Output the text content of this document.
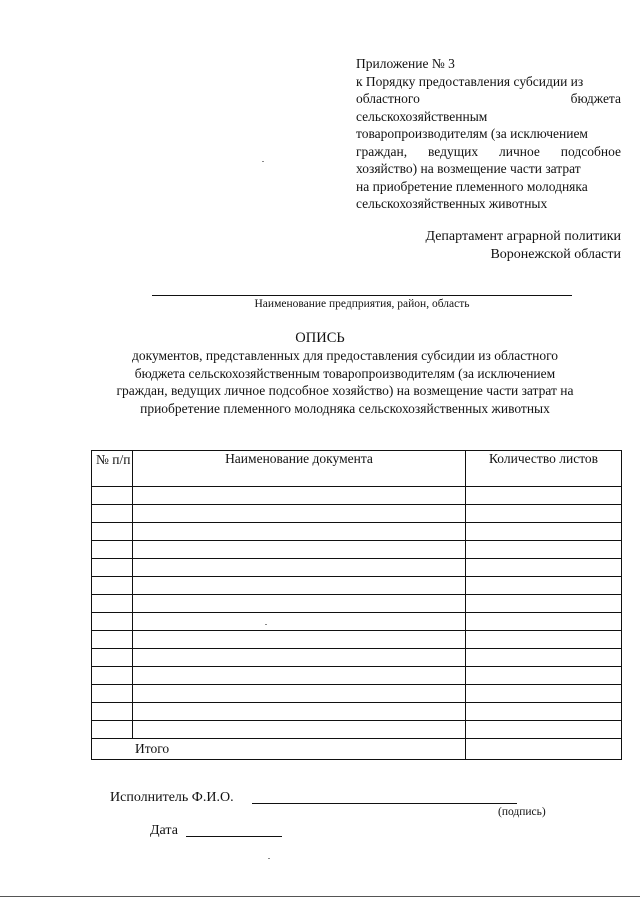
Приложение № 3
к Порядку предоставления субсидии из
областного бюджета
сельскохозяйственным
товаропроизводителям (за исключением
граждан, ведущих личное подсобное
хозяйство) на возмещение части затрат
на приобретение племенного молодняка
сельскохозяйственных животных
Департамент аграрной политики
Воронежской области
Наименование предприятия, район, область
ОПИСЬ
документов, представленных для предоставления субсидии из областного бюджета сельскохозяйственным товаропроизводителям (за исключением граждан, ведущих личное подсобное хозяйство) на возмещение части затрат на приобретение племенного молодняка сельскохозяйственных животных
№ п/п	Наименование документа	Количество листов

Итого		
Исполнитель Ф.И.О.
(подпись)
Дата
